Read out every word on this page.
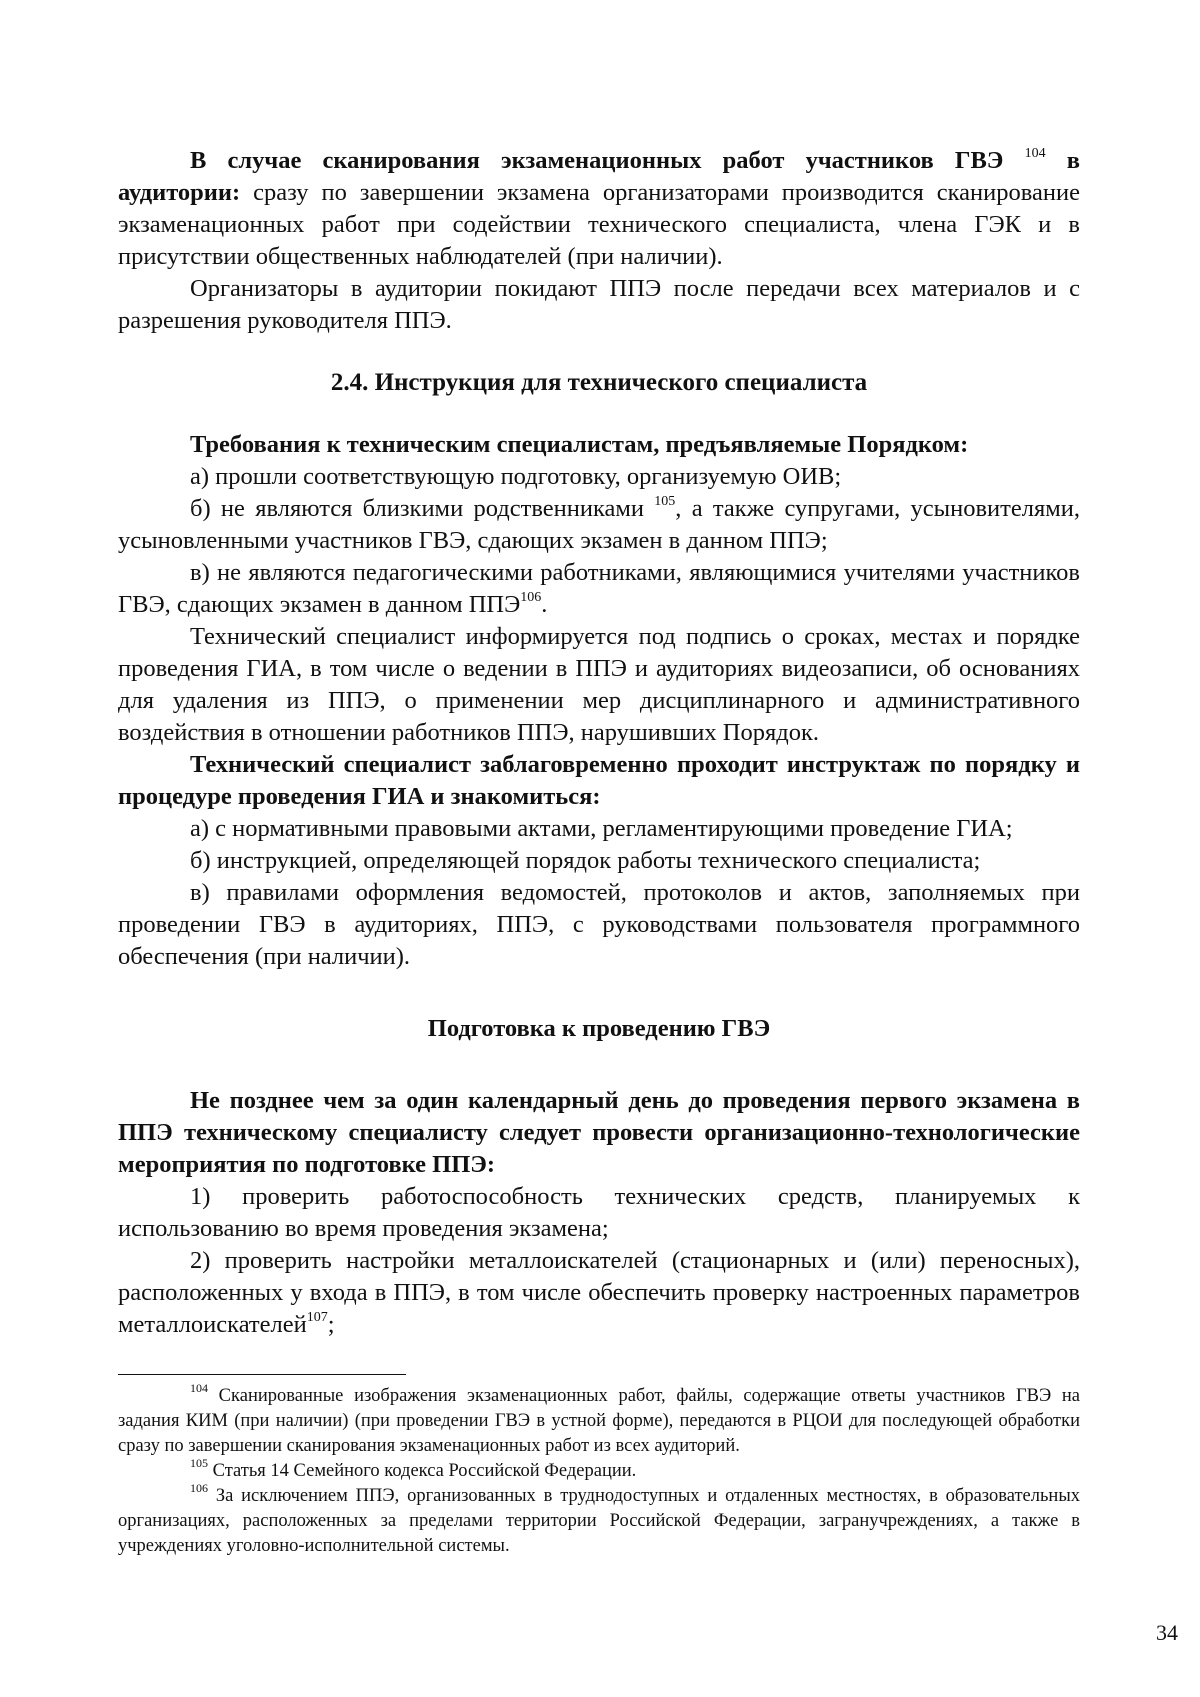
В случае сканирования экзаменационных работ участников ГВЭ $^{104}$ в аудитории: сразу по завершении экзамена организаторами производится сканирование экзаменационных работ при содействии технического специалиста, члена ГЭК и в присутствии общественных наблюдателей (при наличии).

Организаторы в аудитории покидают ППЭ после передачи всех материалов и с разрешения руководителя ППЭ.

2.4. Инструкция для технического специалиста

Требования к техническим специалистам, предъявляемые Порядком:

а) прошли соответствующую подготовку, организуемую ОИВ;

б) не являются близкими родственниками $^{105}$, а также супругами, усыновителями, усыновленными участников ГВЭ, сдающих экзамен в данном ППЭ;

в) не являются педагогическими работниками, являющимися учителями участников ГВЭ, сдающих экзамен в данном ППЭ$^{106}$.

Технический специалист информируется под подпись о сроках, местах и порядке проведения ГИА, в том числе о ведении в ППЭ и аудиториях видеозаписи, об основаниях для удаления из ППЭ, о применении мер дисциплинарного и административного воздействия в отношении работников ППЭ, нарушивших Порядок.

Технический специалист заблаговременно проходит инструктаж по порядку и процедуре проведения ГИА и знакомиться:

а) с нормативными правовыми актами, регламентирующими проведение ГИА;

б) инструкцией, определяющей порядок работы технического специалиста;

в) правилами оформления ведомостей, протоколов и актов, заполняемых при проведении ГВЭ в аудиториях, ППЭ, с руководствами пользователя программного обеспечения (при наличии).

Подготовка к проведению ГВЭ

Не позднее чем за один календарный день до проведения первого экзамена в ППЭ техническому специалисту следует провести организационно-технологические мероприятия по подготовке ППЭ:

1) проверить работоспособность технических средств, планируемых к использованию во время проведения экзамена;

2) проверить настройки металлоискателей (стационарных и (или) переносных), расположенных у входа в ППЭ, в том числе обеспечить проверку настроенных параметров металлоискателей$^{107}$;

$^{104}$ Сканированные изображения экзаменационных работ, файлы, содержащие ответы участников ГВЭ на задания КИМ (при наличии) (при проведении ГВЭ в устной форме), передаются в РЦОИ для последующей обработки сразу по завершении сканирования экзаменационных работ из всех аудиторий.

$^{105}$ Статья 14 Семейного кодекса Российской Федерации.

$^{106}$ За исключением ППЭ, организованных в труднодоступных и отдаленных местностях, в образовательных организациях, расположенных за пределами территории Российской Федерации, загранучреждениях, а также в учреждениях уголовно-исполнительной системы.

34
